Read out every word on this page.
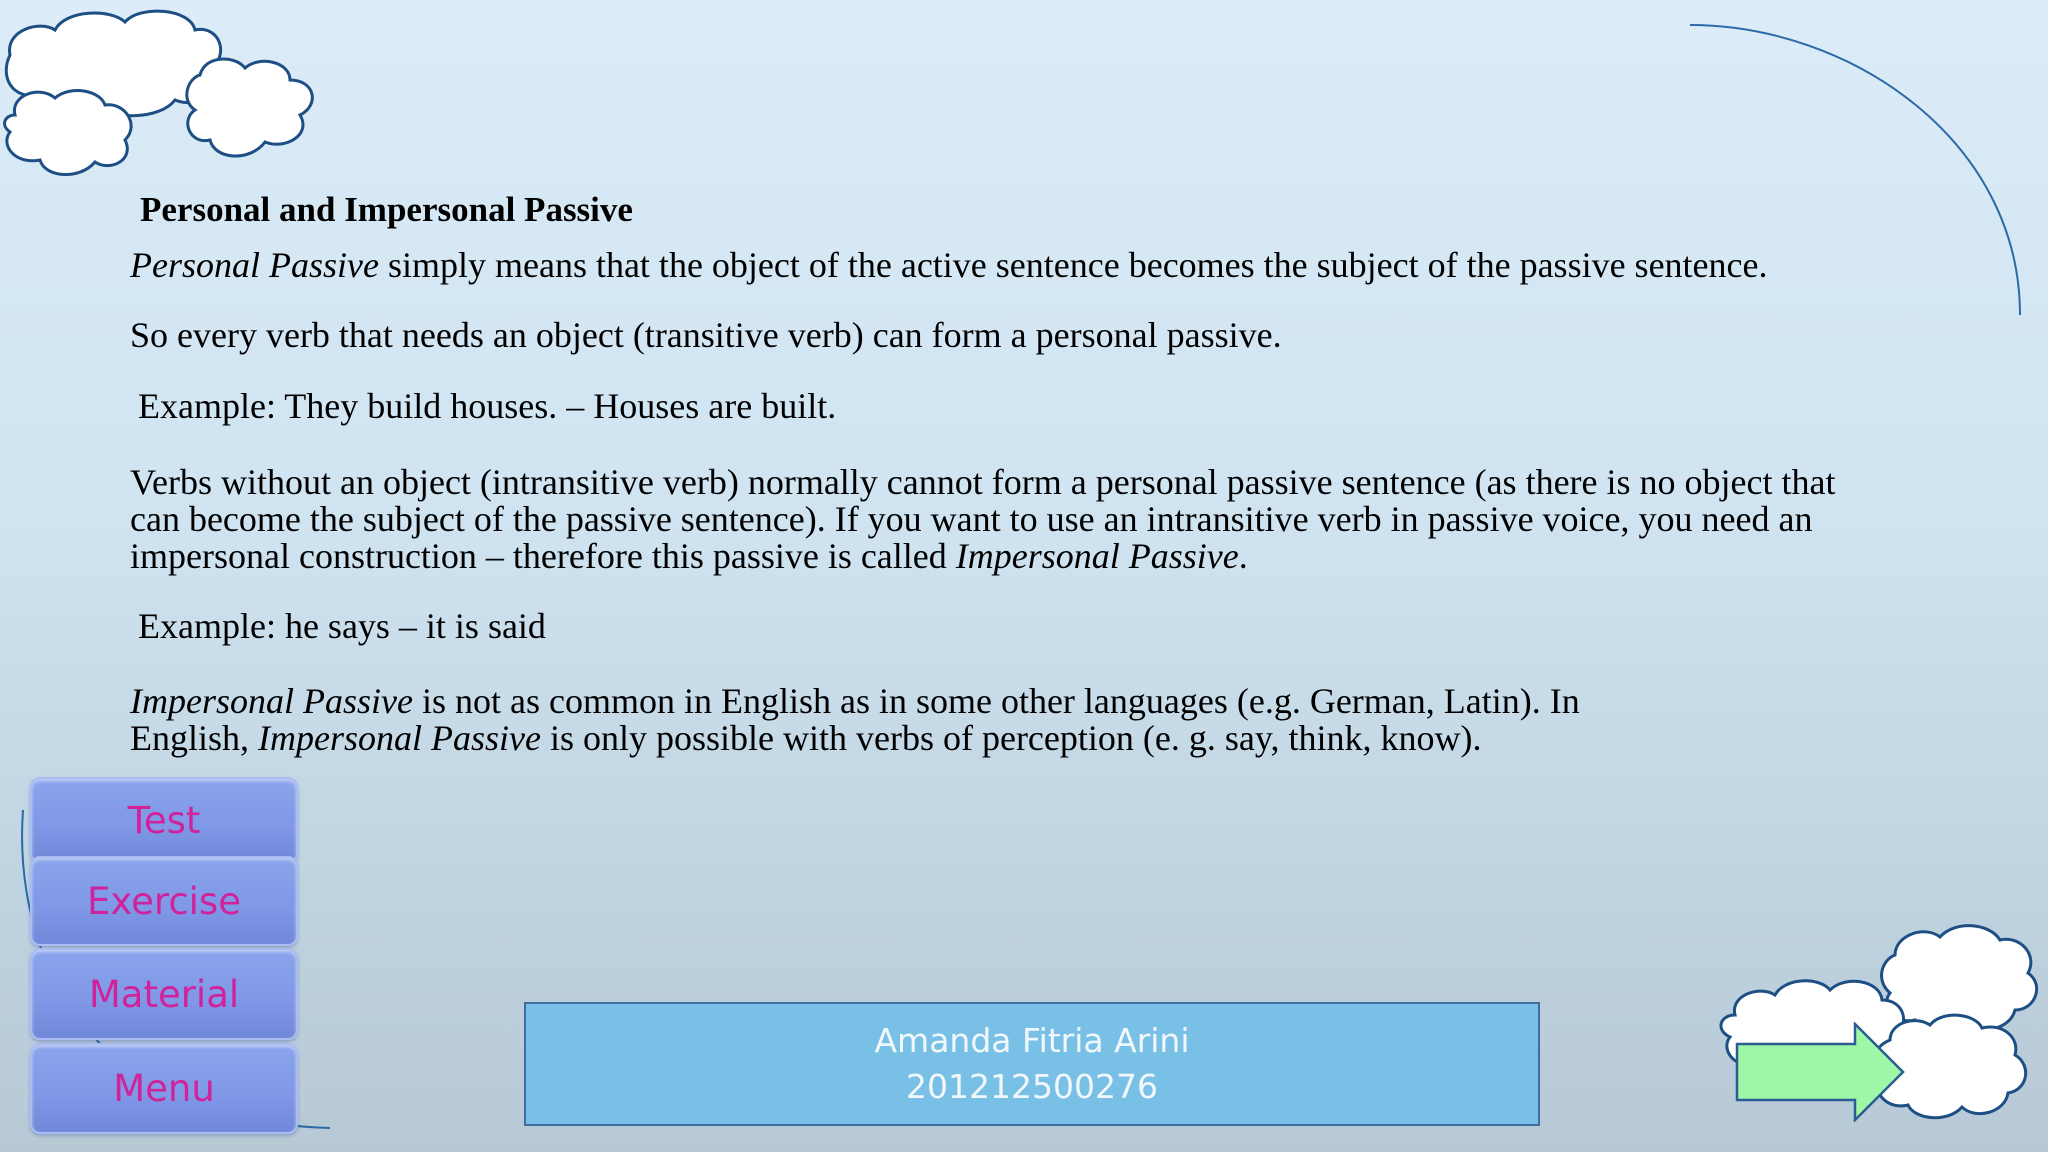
Personal and Impersonal Passive
Personal Passive simply means that the object of the active sentence becomes the subject of the passive sentence.
So every verb that needs an object (transitive verb) can form a personal passive.
Example: They build houses. – Houses are built.
Verbs without an object (intransitive verb) normally cannot form a personal passive sentence (as there is no object that
can become the subject of the passive sentence). If you want to use an intransitive verb in passive voice, you need an
impersonal construction – therefore this passive is called Impersonal Passive.
Example: he says – it is said
Impersonal Passive is not as common in English as in some other languages (e.g. German, Latin). In
English, Impersonal Passive is only possible with verbs of perception (e. g. say, think, know).
Test
Exercise
Material
Menu
Amanda Fitria Arini
201212500276
